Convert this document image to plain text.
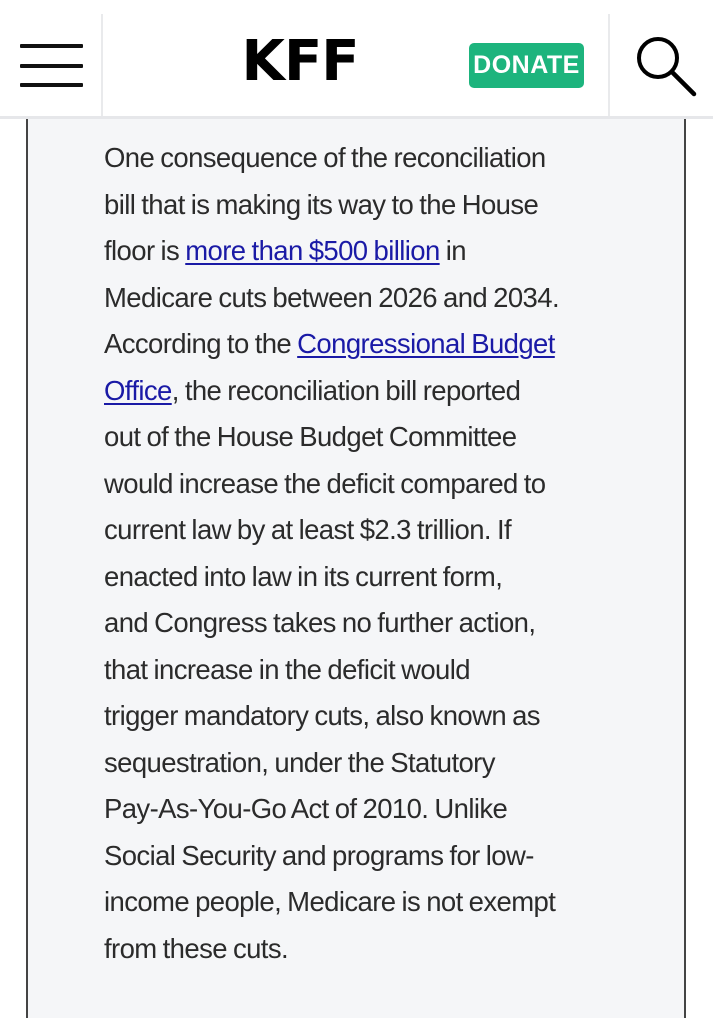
KFF	DONATE

One consequence of the reconciliation
bill that is making its way to the House
floor is more than $500 billion in
Medicare cuts between 2026 and 2034.
According to the Congressional Budget
Office, the reconciliation bill reported
out of the House Budget Committee
would increase the deficit compared to
current law by at least $2.3 trillion. If
enacted into law in its current form,
and Congress takes no further action,
that increase in the deficit would
trigger mandatory cuts, also known as
sequestration, under the Statutory
Pay-As-You-Go Act of 2010. Unlike
Social Security and programs for low-
income people, Medicare is not exempt
from these cuts.
